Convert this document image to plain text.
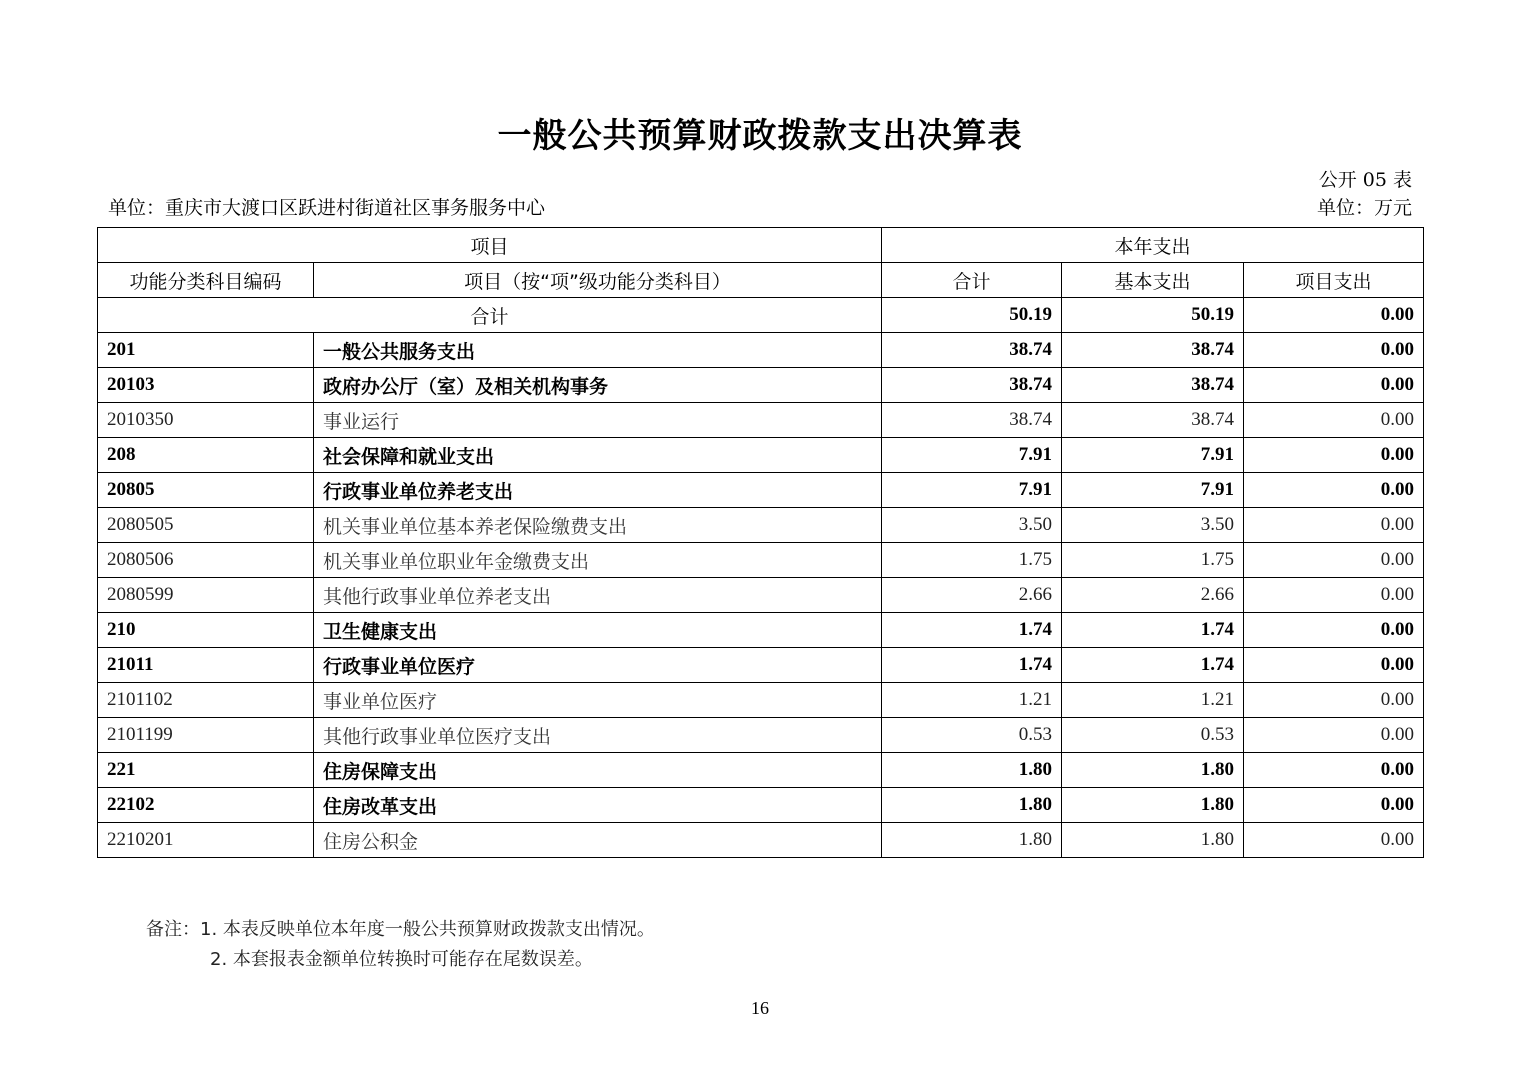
一般公共预算财政拨款支出决算表
公开 05 表
单位：重庆市大渡口区跃进村街道社区事务服务中心	单位：万元
项目		本年支出		
功能分类科目编码	项目（按“项”级功能分类科目）	合计	基本支出	项目支出
合计		50.19	50.19	0.00
201	一般公共服务支出	38.74	38.74	0.00
20103	政府办公厅（室）及相关机构事务	38.74	38.74	0.00
2010350	事业运行	38.74	38.74	0.00
208	社会保障和就业支出	7.91	7.91	0.00
20805	行政事业单位养老支出	7.91	7.91	0.00
2080505	机关事业单位基本养老保险缴费支出	3.50	3.50	0.00
2080506	机关事业单位职业年金缴费支出	1.75	1.75	0.00
2080599	其他行政事业单位养老支出	2.66	2.66	0.00
210	卫生健康支出	1.74	1.74	0.00
21011	行政事业单位医疗	1.74	1.74	0.00
2101102	事业单位医疗	1.21	1.21	0.00
2101199	其他行政事业单位医疗支出	0.53	0.53	0.00
221	住房保障支出	1.80	1.80	0.00
22102	住房改革支出	1.80	1.80	0.00
2210201	住房公积金	1.80	1.80	0.00
备注：1. 本表反映单位本年度一般公共预算财政拨款支出情况。
2. 本套报表金额单位转换时可能存在尾数误差。
16
